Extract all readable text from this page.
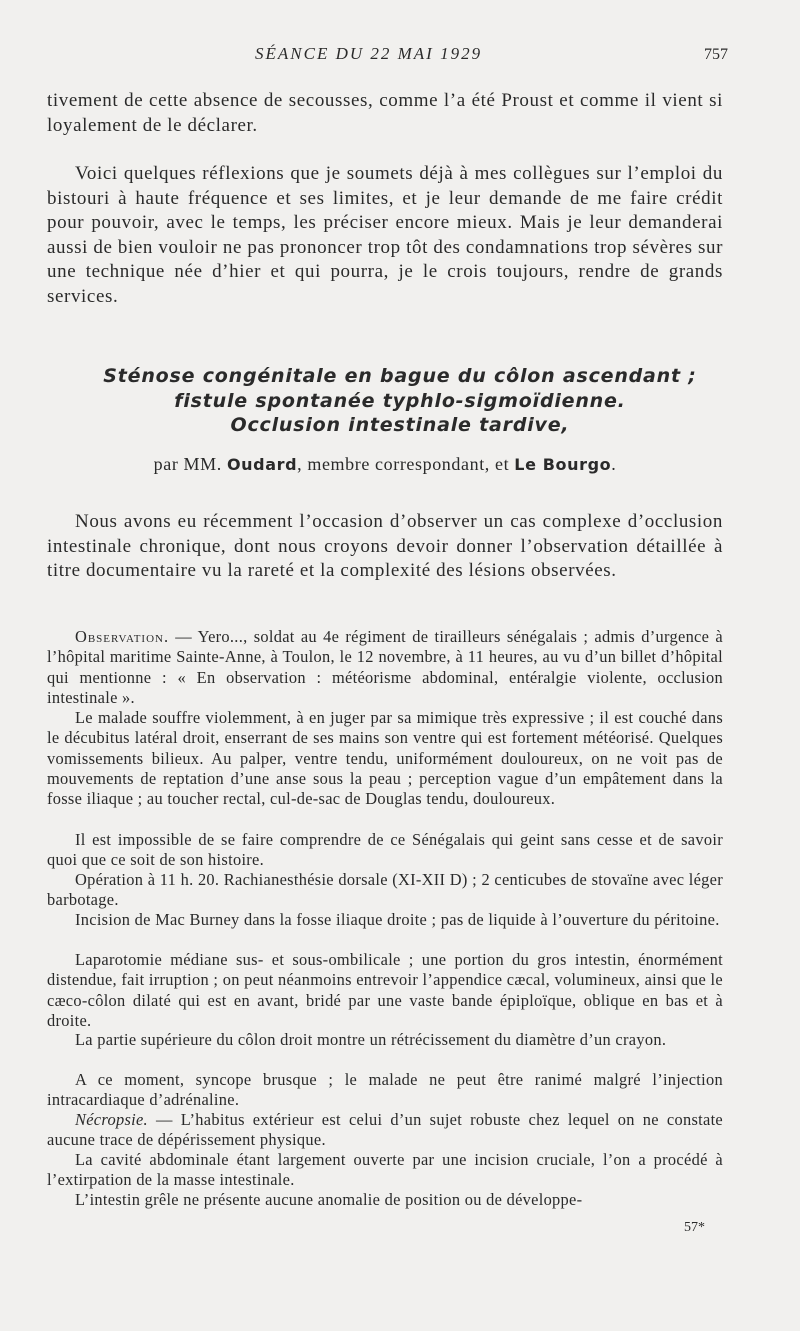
SÉANCE DU 22 MAI 1929	757

tivement de cette absence de secousses, comme l’a été Proust et comme il vient si loyalement de le déclarer.

Voici quelques réflexions que je soumets déjà à mes collègues sur l’emploi du bistouri à haute fréquence et ses limites, et je leur demande de me faire crédit pour pouvoir, avec le temps, les préciser encore mieux. Mais je leur demanderai aussi de bien vouloir ne pas prononcer trop tôt des condamnations trop sévères sur une technique née d’hier et qui pourra, je le crois toujours, rendre de grands services.

Sténose congénitale en bague du côlon ascendant ;
fistule spontanée typhlo-sigmoïdienne.
Occlusion intestinale tardive,
par MM. Oudard, membre correspondant, et Le Bourgo.

Nous avons eu récemment l’occasion d’observer un cas complexe d’occlusion intestinale chronique, dont nous croyons devoir donner l’observation détaillée à titre documentaire vu la rareté et la complexité des lésions observées.

Observation. — Yero..., soldat au 4e régiment de tirailleurs sénégalais ; admis d’urgence à l’hôpital maritime Sainte-Anne, à Toulon, le 12 novembre, à 11 heures, au vu d’un billet d’hôpital qui mentionne : « En observation : météorisme abdominal, entéralgie violente, occlusion intestinale ».

Le malade souffre violemment, à en juger par sa mimique très expressive ; il est couché dans le décubitus latéral droit, enserrant de ses mains son ventre qui est fortement météorisé. Quelques vomissements bilieux. Au palper, ventre tendu, uniformément douloureux, on ne voit pas de mouvements de reptation d’une anse sous la peau ; perception vague d’un empâtement dans la fosse iliaque ; au toucher rectal, cul-de-sac de Douglas tendu, douloureux.

Il est impossible de se faire comprendre de ce Sénégalais qui geint sans cesse et de savoir quoi que ce soit de son histoire.

Opération à 11 h. 20. Rachianesthésie dorsale (XI-XII D) ; 2 centicubes de stovaïne avec léger barbotage.

Incision de Mac Burney dans la fosse iliaque droite ; pas de liquide à l’ouverture du péritoine.

Laparotomie médiane sus- et sous-ombilicale ; une portion du gros intestin, énormément distendue, fait irruption ; on peut néanmoins entrevoir l’appendice cæcal, volumineux, ainsi que le cæco-côlon dilaté qui est en avant, bridé par une vaste bande épiploïque, oblique en bas et à droite.

La partie supérieure du côlon droit montre un rétrécissement du diamètre d’un crayon.

A ce moment, syncope brusque ; le malade ne peut être ranimé malgré l’injection intracardiaque d’adrénaline.

Nécropsie. — L’habitus extérieur est celui d’un sujet robuste chez lequel on ne constate aucune trace de dépérissement physique.

La cavité abdominale étant largement ouverte par une incision cruciale, l’on a procédé à l’extirpation de la masse intestinale.

L’intestin grêle ne présente aucune anomalie de position ou de développe-

57*
